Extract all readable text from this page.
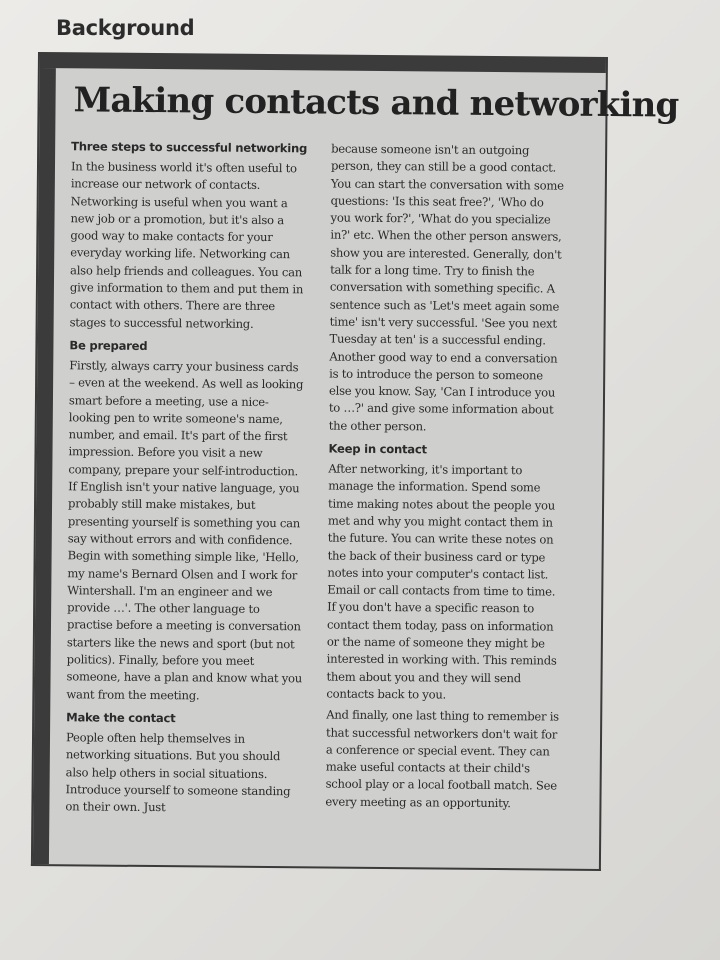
Background
Making contacts and networking
Three steps to successful networking

In the business world it's often useful to increase our network of contacts. Networking is useful when you want a new job or a promotion, but it's also a good way to make contacts for your everyday working life. Networking can also help friends and colleagues. You can give information to them and put them in contact with others. There are three stages to successful networking.

Be prepared

Firstly, always carry your business cards – even at the weekend. As well as looking smart before a meeting, use a nice-looking pen to write someone's name, number, and email. It's part of the first impression. Before you visit a new company, prepare your self-introduction. If English isn't your native language, you probably still make mistakes, but presenting yourself is something you can say without errors and with confidence. Begin with something simple like, 'Hello, my name's Bernard Olsen and I work for Wintershall. I'm an engineer and we provide …'. The other language to practise before a meeting is conversation starters like the news and sport (but not politics). Finally, before you meet someone, have a plan and know what you want from the meeting.

Make the contact

People often help themselves in networking situations. But you should also help others in social situations. Introduce yourself to someone standing on their own. Just

because someone isn't an outgoing person, they can still be a good contact. You can start the conversation with some questions: 'Is this seat free?', 'Who do you work for?', 'What do you specialize in?' etc. When the other person answers, show you are interested. Generally, don't talk for a long time. Try to finish the conversation with something specific. A sentence such as 'Let's meet again some time' isn't very successful. 'See you next Tuesday at ten' is a successful ending. Another good way to end a conversation is to introduce the person to someone else you know. Say, 'Can I introduce you to …?' and give some information about the other person.

Keep in contact

After networking, it's important to manage the information. Spend some time making notes about the people you met and why you might contact them in the future. You can write these notes on the back of their business card or type notes into your computer's contact list. Email or call contacts from time to time. If you don't have a specific reason to contact them today, pass on information or the name of someone they might be interested in working with. This reminds them about you and they will send contacts back to you.

And finally, one last thing to remember is that successful networkers don't wait for a conference or special event. They can make useful contacts at their child's school play or a local football match. See every meeting as an opportunity.
